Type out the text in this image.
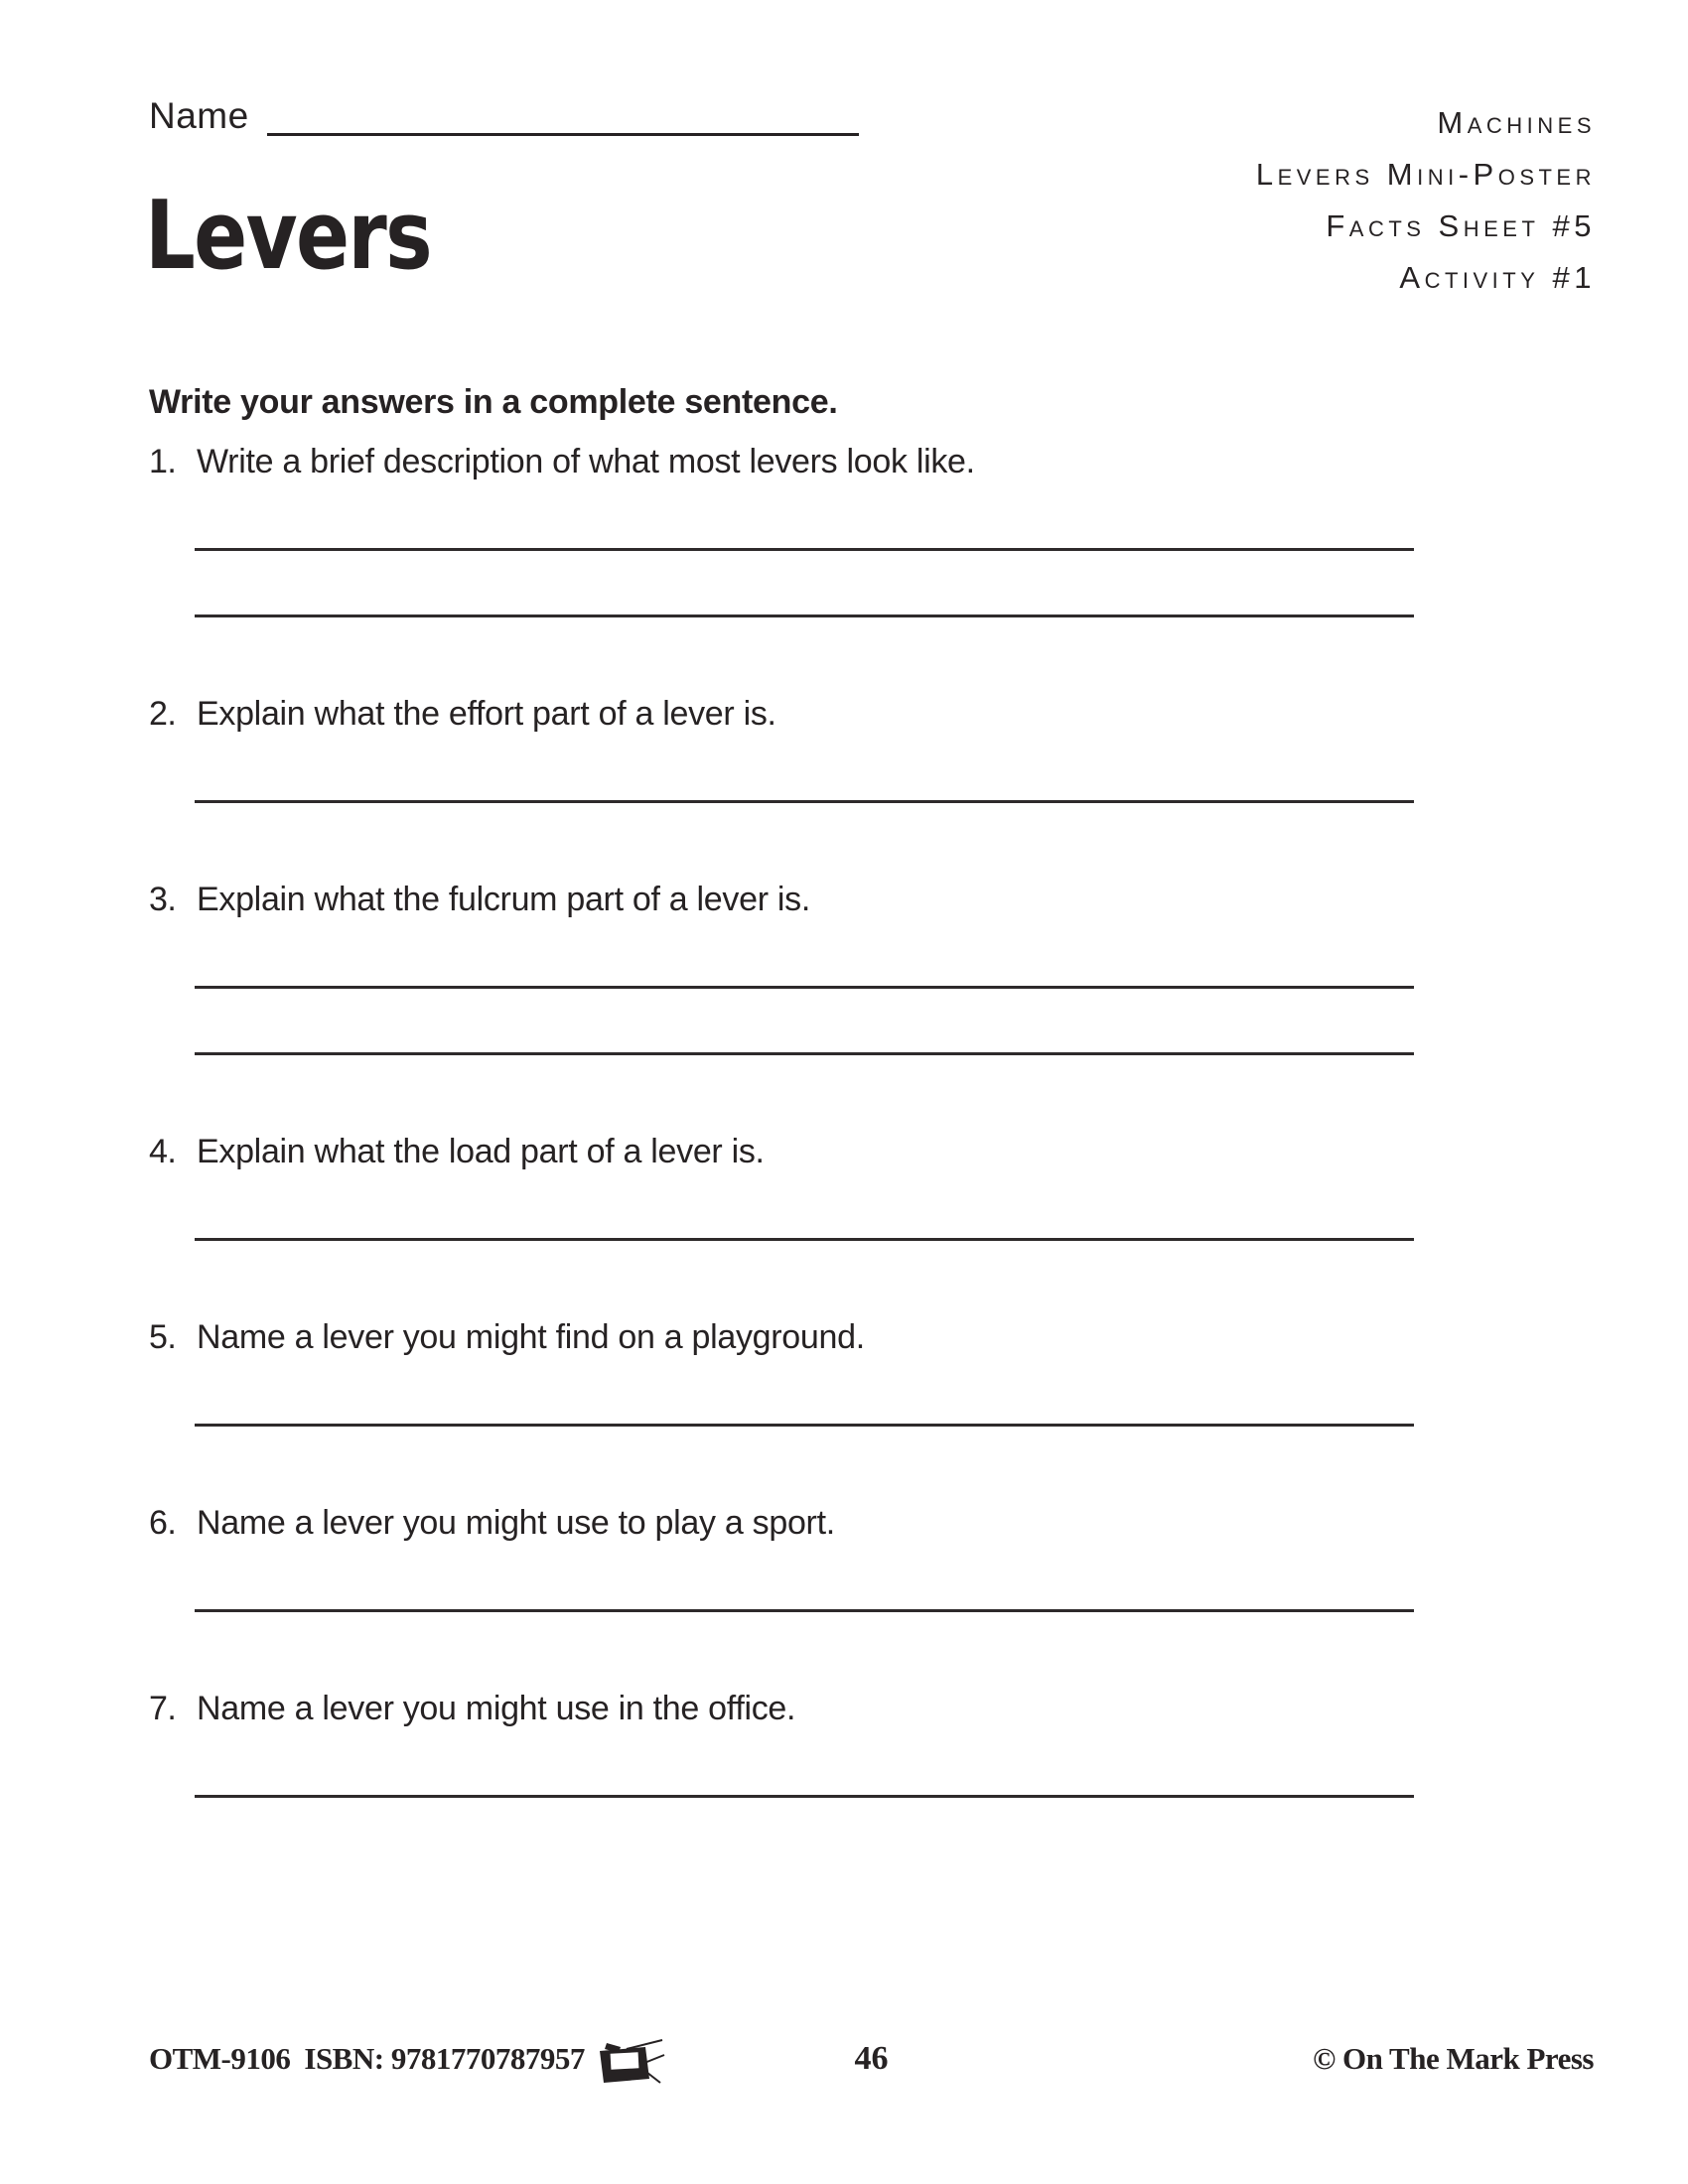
Name	Machines
Levers Mini-Poster
Facts Sheet #5
Activity #1
Levers

Write your answers in a complete sentence.

1. Write a brief description of what most levers look like.
2. Explain what the effort part of a lever is.
3. Explain what the fulcrum part of a lever is.
4. Explain what the load part of a lever is.
5. Name a lever you might find on a playground.
6. Name a lever you might use to play a sport.
7. Name a lever you might use in the office.
OTM-9106 ISBN: 9781770787957	46	© On The Mark Press
